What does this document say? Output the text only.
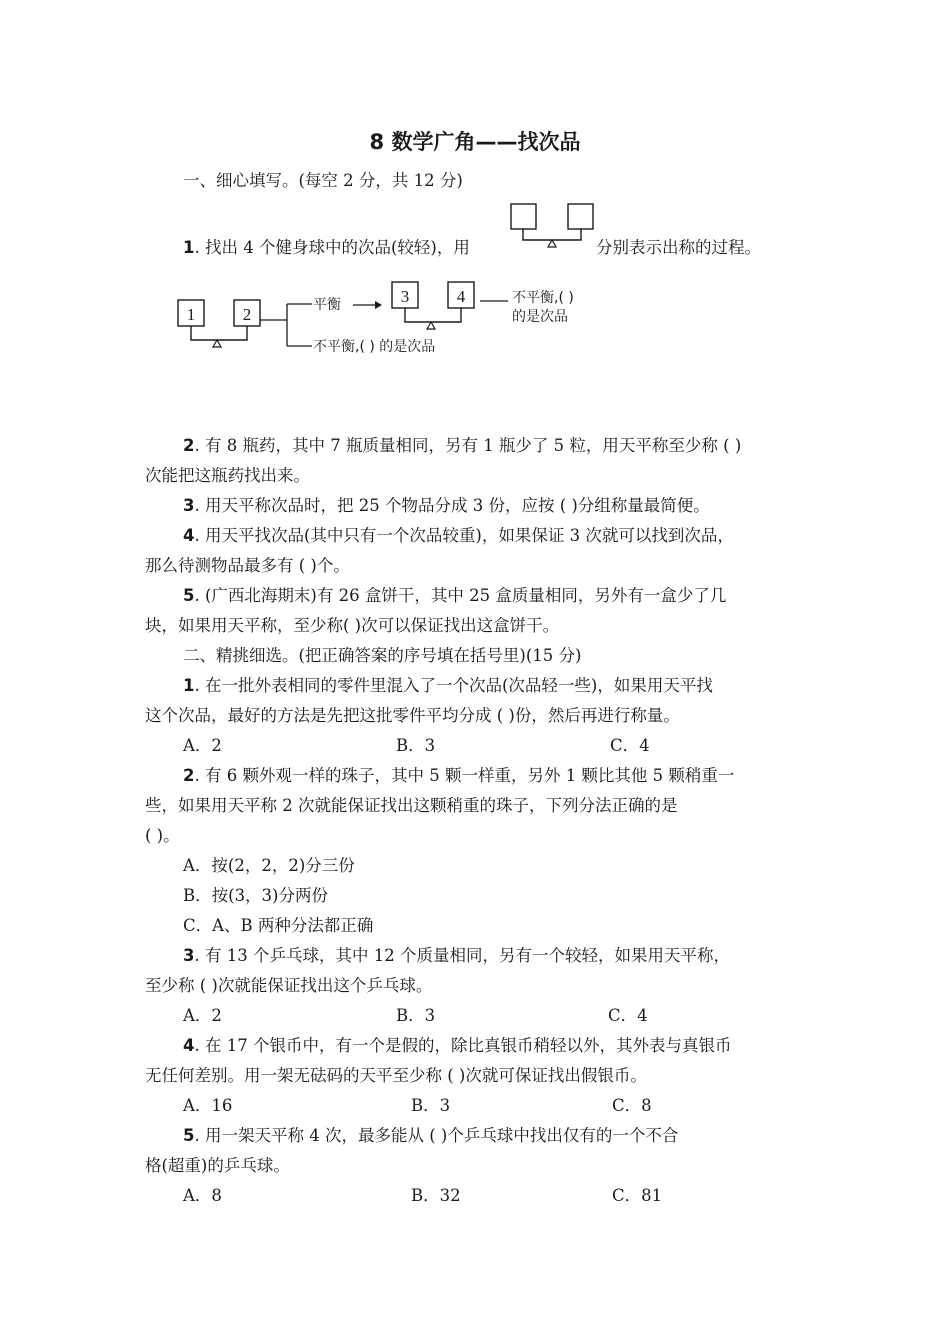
8 数学广角——找次品
一、细心填写。(每空 2 分，共 12 分)
1. 找出 4 个健身球中的次品(较轻)，用	分别表示出称的过程。
1	2	平衡
不平衡,( ) 的是次品
3	4	不平衡,( )
的是次品
2. 有 8 瓶药，其中 7 瓶质量相同，另有 1 瓶少了 5 粒，用天平称至少称 ( )
次能把这瓶药找出来。
3. 用天平称次品时，把 25 个物品分成 3 份，应按 ( )分组称量最简便。
4. 用天平找次品(其中只有一个次品较重)，如果保证 3 次就可以找到次品，
那么待测物品最多有 ( )个。
5. (广西北海期末)有 26 盒饼干，其中 25 盒质量相同，另外有一盒少了几
块，如果用天平称，至少称( )次可以保证找出这盒饼干。
二、精挑细选。(把正确答案的序号填在括号里)(15 分)
1. 在一批外表相同的零件里混入了一个次品(次品轻一些)，如果用天平找
这个次品，最好的方法是先把这批零件平均分成 ( )份，然后再进行称量。
A．2	B．3	C．4
2. 有 6 颗外观一样的珠子，其中 5 颗一样重，另外 1 颗比其他 5 颗稍重一
些，如果用天平称 2 次就能保证找出这颗稍重的珠子，下列分法正确的是
( )。
A．按(2，2，2)分三份
B．按(3，3)分两份
C．A、B 两种分法都正确
3. 有 13 个乒乓球，其中 12 个质量相同，另有一个较轻，如果用天平称，
至少称 ( )次就能保证找出这个乒乓球。
A．2	B．3	C．4
4. 在 17 个银币中，有一个是假的，除比真银币稍轻以外，其外表与真银币
无任何差别。用一架无砝码的天平至少称 ( )次就可保证找出假银币。
A．16	B．3	C．8
5. 用一架天平称 4 次，最多能从 ( )个乒乓球中找出仅有的一个不合
格(超重)的乒乓球。
A．8	B．32	C．81
